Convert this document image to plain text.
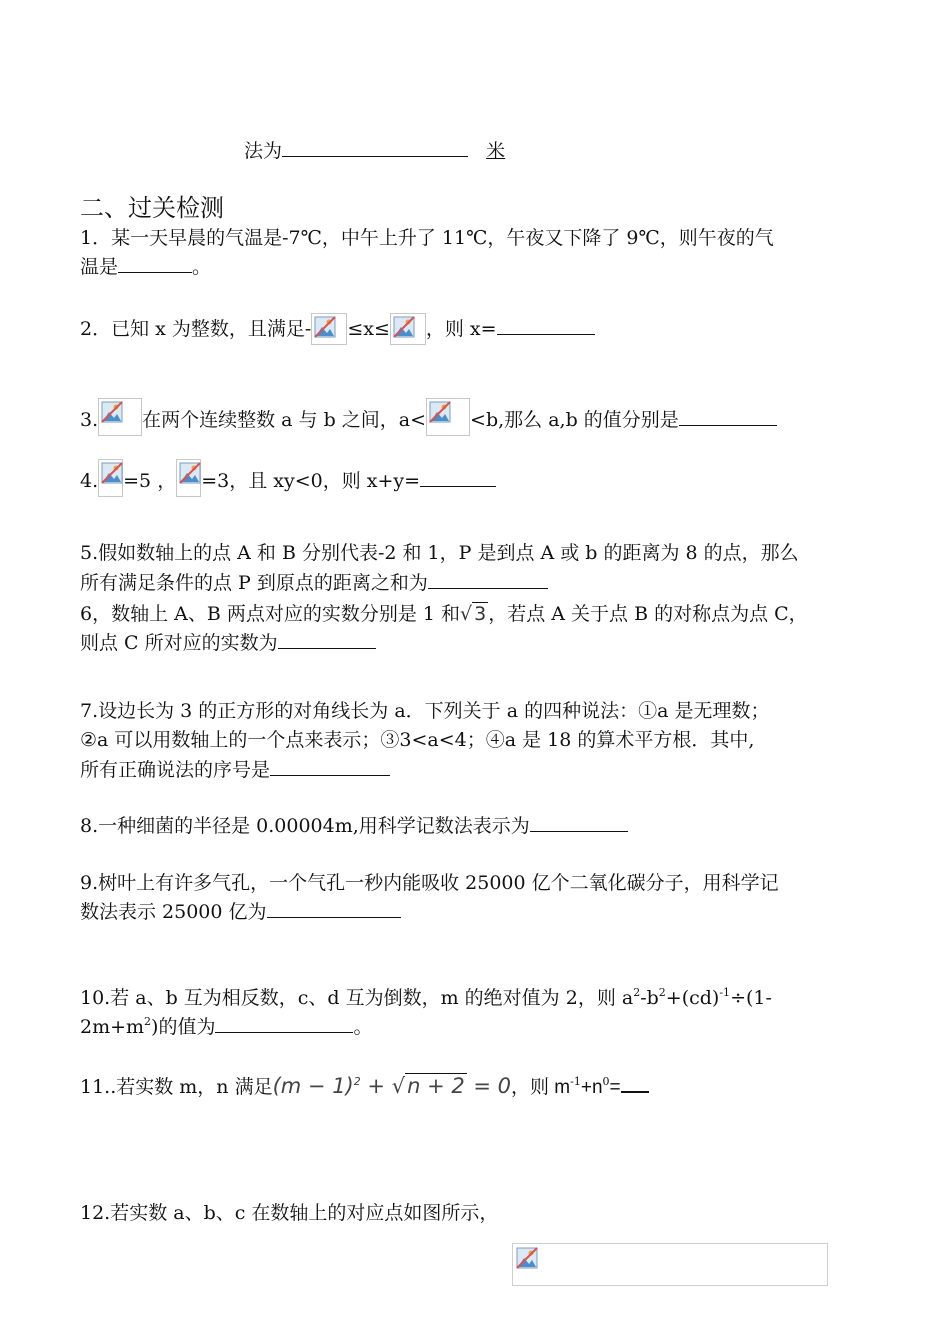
法为	米
二、过关检测
1．某一天早晨的气温是-7℃，中午上升了 11℃，午夜又下降了 9℃，则午夜的气
温是	。
2．已知 x 为整数，且满足- ≤x≤ ，则 x=
3. 在两个连续整数 a 与 b 之间，a< <b,那么 a,b 的值分别是
4. =5 ， =3，且 xy<0，则 x+y=
5.假如数轴上的点 A 和 B 分别代表-2 和 1，P 是到点 A 或 b 的距离为 8 的点，那么
所有满足条件的点 P 到原点的距离之和为
6，数轴上 A、B 两点对应的实数分别是 1 和√ 3 ，若点 A 关于点 B 的对称点为点 C，
则点 C 所对应的实数为
7.设边长为 3 的正方形的对角线长为 a．下列关于 a 的四种说法：①a 是无理数；
②a 可以用数轴上的一个点来表示；③3<a<4；④a 是 18 的算术平方根．其中,
所有正确说法的序号是
8.一种细菌的半径是 0.00004m,用科学记数法表示为
9.树叶上有许多气孔，一个气孔一秒内能吸收 25000 亿个二氧化碳分子，用科学记
数法表示 25000 亿为
10.若 a、b 互为相反数，c、d 互为倒数，m 的绝对值为 2，则 $a^2-b^2+(cd)^{-1}\div(1-$
$2m+m^2$)的值为	。
11..若实数 m，n 满足$(m - 1)^2 + √n + 2 = 0$，则 $m^{-1}+n^0=$
12.若实数 a、b、c 在数轴上的对应点如图所示，
